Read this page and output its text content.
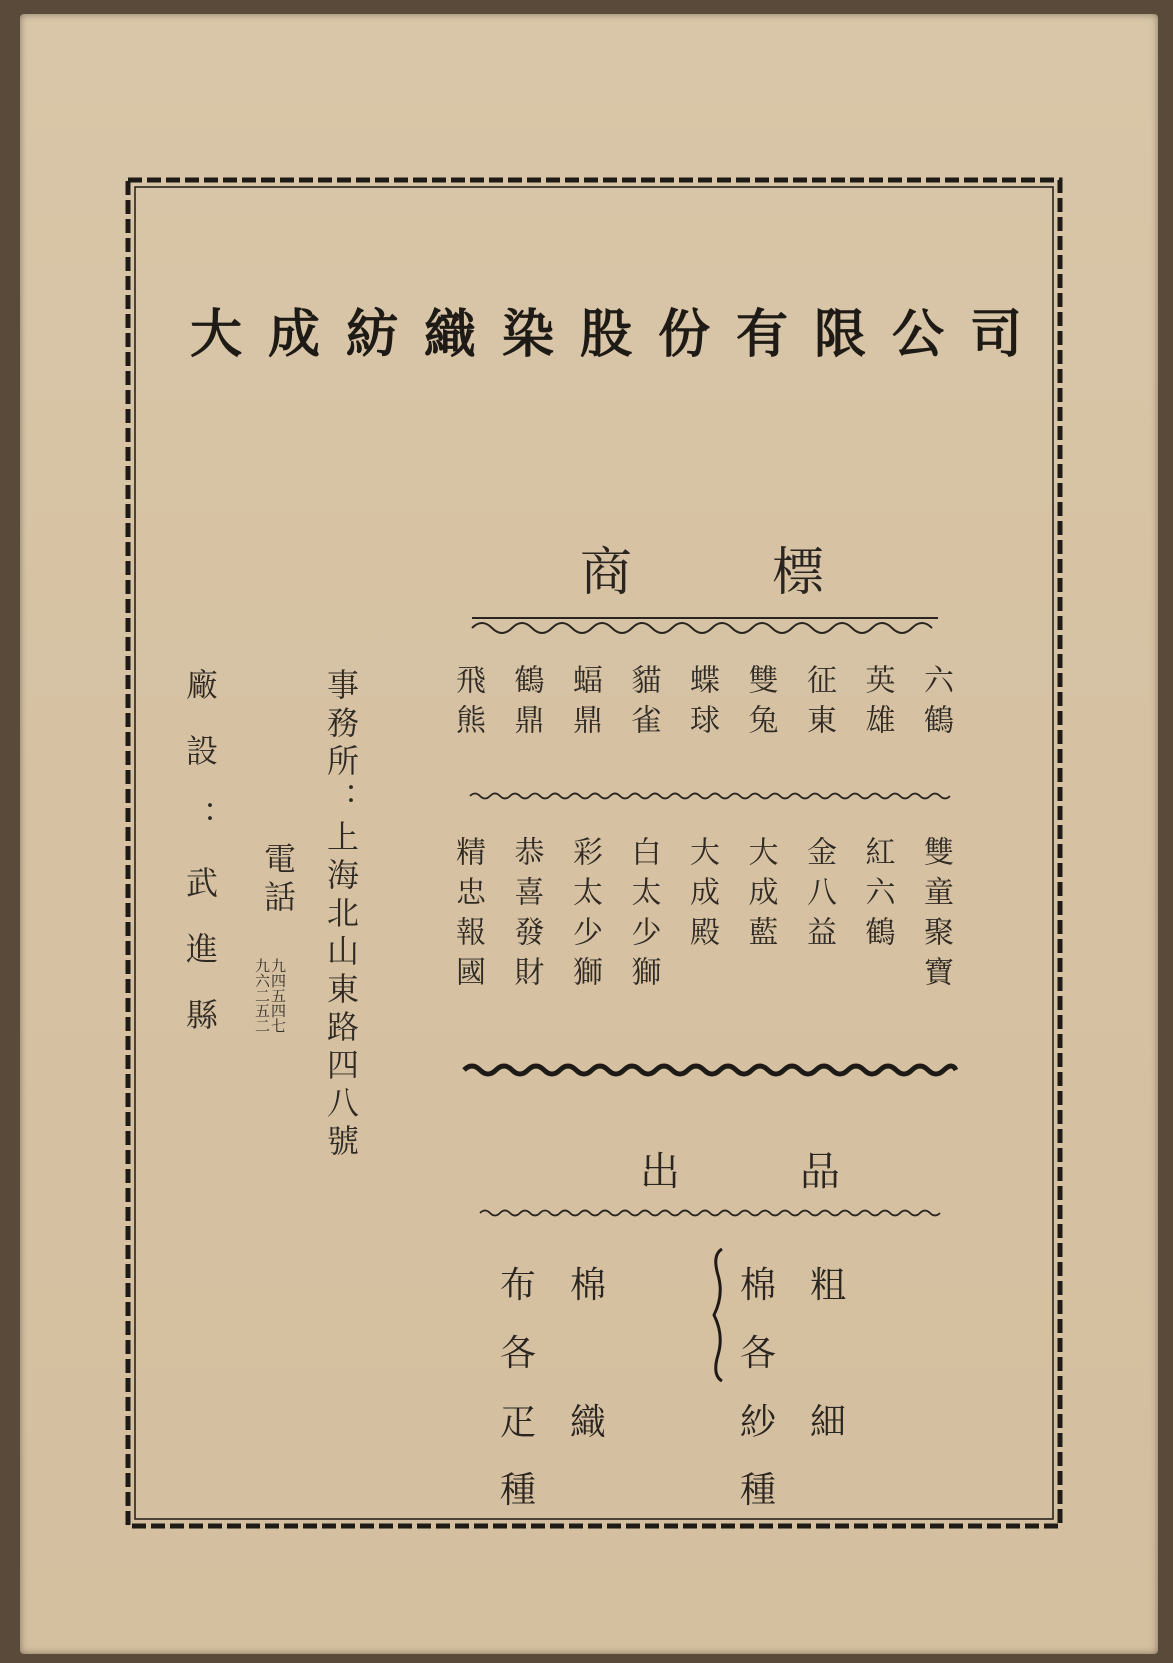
大成紡織染股份有限公司
商標
六鶴
英雄
征東
雙兔
蝶球
貓雀
蝠鼎
鶴鼎
飛熊
雙童聚寶
紅六鶴
金八益
大成藍
大成殿
白太少獅
彩太少獅
恭喜發財
精忠報國
事務所：上海北山東路四八號
電話
九四五四七
九六二五二
廠設：武進縣
出品
棉粗各
紗細種
布棉各
疋織種
